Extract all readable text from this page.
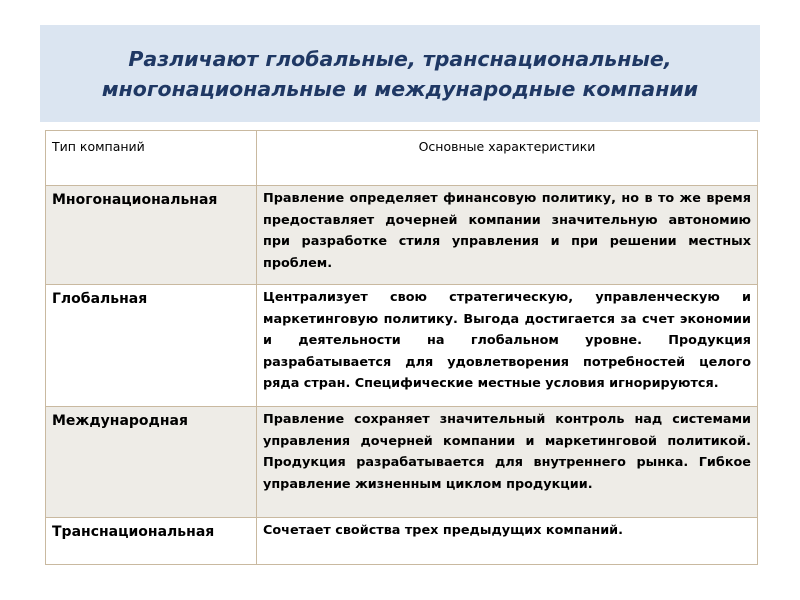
Различают глобальные, транснациональные,
многонациональные и международные компании

Тип компаний	Основные характеристики
Многонациональная	Правление определяет финансовую политику, но в то же время предоставляет дочерней компании значительную автономию при разработке стиля управления и при решении местных проблем.
Глобальная	Централизует свою стратегическую, управленческую и маркетинговую политику. Выгода достигается за счет экономии и деятельности на глобальном уровне. Продукция разрабатывается для удовлетворения потребностей целого ряда стран. Специфические местные условия игнорируются.
Международная	Правление сохраняет значительный контроль над системами управления дочерней компании и маркетинговой политикой. Продукция разрабатывается для внутреннего рынка. Гибкое управление жизненным циклом продукции.
Транснациональная	Сочетает свойства трех предыдущих компаний.
